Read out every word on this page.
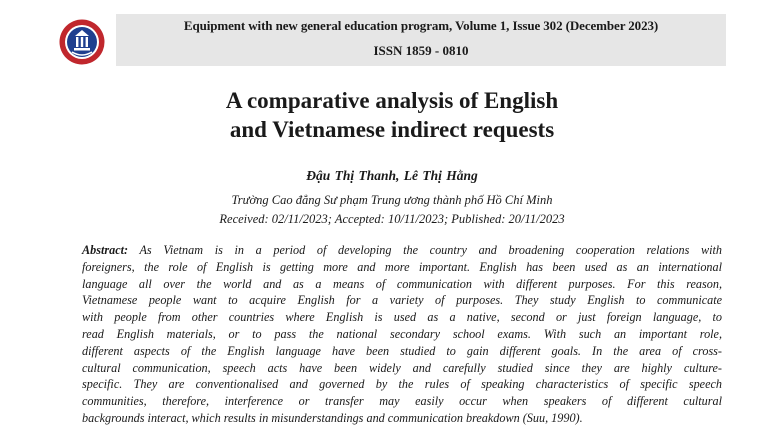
Equipment with new general education program, Volume 1, Issue 302 (December 2023)
ISSN 1859 - 0810
A comparative analysis of English
and Vietnamese indirect requests
Đậu Thị Thanh, Lê Thị Hằng
Trường Cao đẳng Sư phạm Trung ương thành phố Hồ Chí Minh
Received: 02/11/2023; Accepted: 10/11/2023; Published: 20/11/2023
Abstract: As Vietnam is in a period of developing the country and broadening cooperation relations with
foreigners, the role of English is getting more and more important. English has been used as an international
language all over the world and as a means of communication with different purposes. For this reason,
Vietnamese people want to acquire English for a variety of purposes. They study English to communicate
with people from other countries where English is used as a native, second or just foreign language, to
read English materials, or to pass the national secondary school exams. With such an important role,
different aspects of the English language have been studied to gain different goals. In the area of cross-
cultural communication, speech acts have been widely and carefully studied since they are highly culture-
specific. They are conventionalised and governed by the rules of speaking characteristics of specific speech
communities, therefore, interference or transfer may easily occur when speakers of different cultural
backgrounds interact, which results in misunderstandings and communication breakdown (Suu, 1990).
